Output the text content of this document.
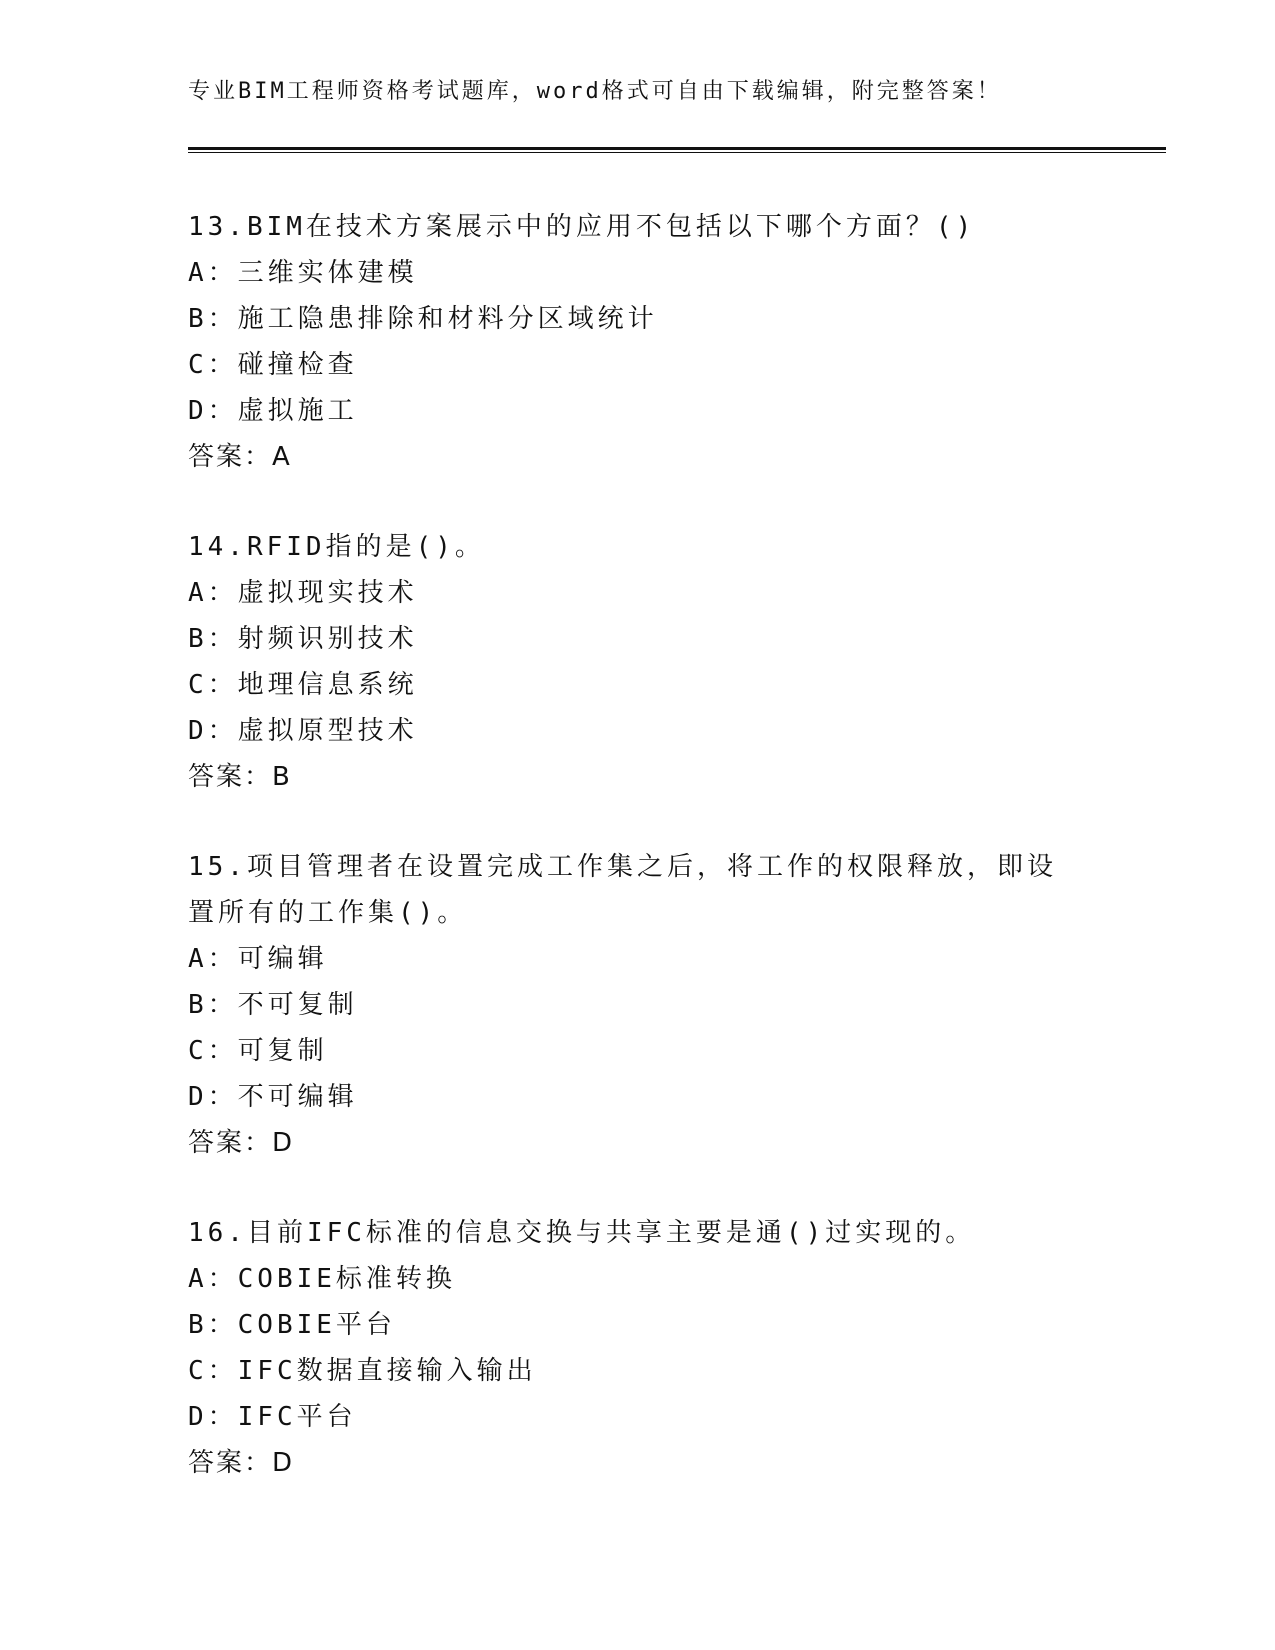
专业BIM工程师资格考试题库，word格式可自由下载编辑，附完整答案！
13.BIM在技术方案展示中的应用不包括以下哪个方面？()
A：三维实体建模
B：施工隐患排除和材料分区域统计
C：碰撞检查
D：虚拟施工
答案：A
14.RFID指的是()。
A：虚拟现实技术
B：射频识别技术
C：地理信息系统
D：虚拟原型技术
答案：B
15.项目管理者在设置完成工作集之后，将工作的权限释放，即设置所有的工作集()。
A：可编辑
B：不可复制
C：可复制
D：不可编辑
答案：D
16.目前IFC标准的信息交换与共享主要是通()过实现的。
A：COBIE标准转换
B：COBIE平台
C：IFC数据直接输入输出
D：IFC平台
答案：D
